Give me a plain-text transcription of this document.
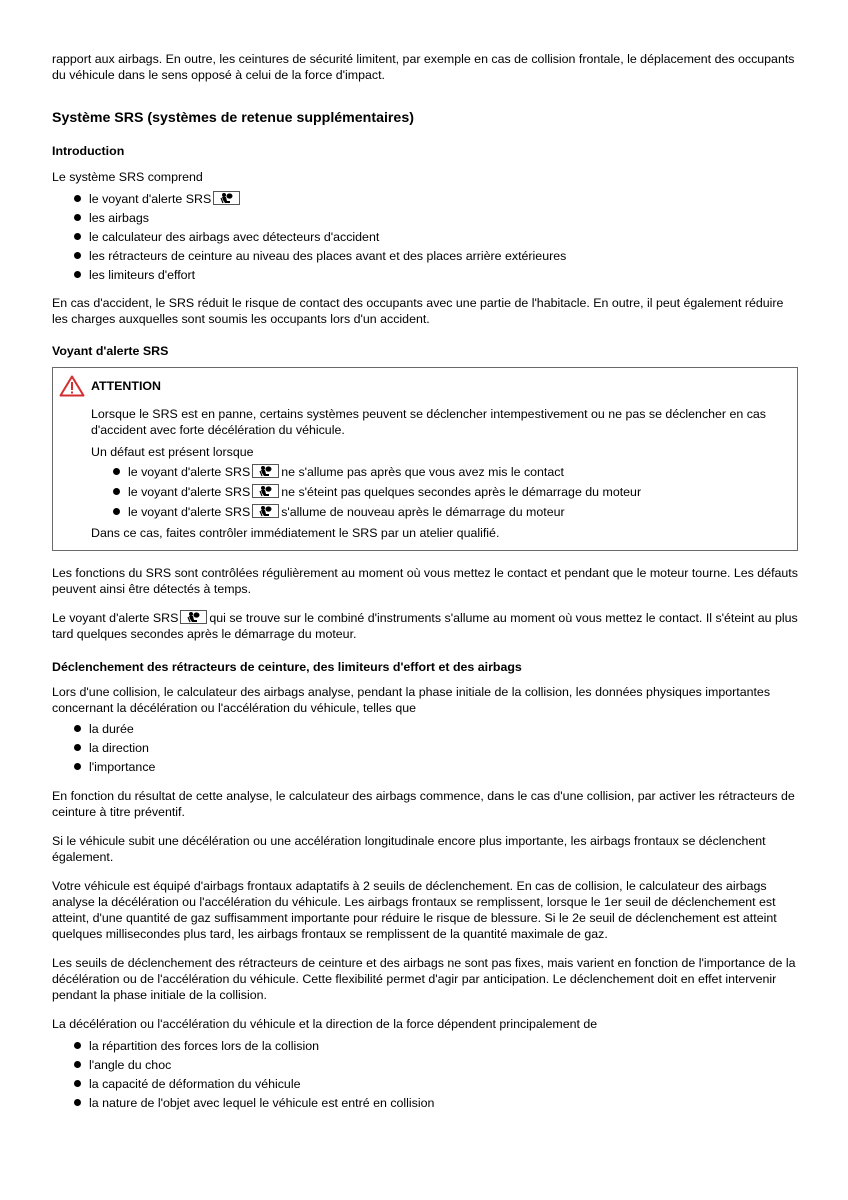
rapport aux airbags. En outre, les ceintures de sécurité limitent, par exemple en cas de collision frontale, le déplacement des occupants du véhicule dans le sens opposé à celui de la force d'impact.

Système SRS (systèmes de retenue supplémentaires)
Introduction

Le système SRS comprend

le voyant d'alerte SRS
les airbags
le calculateur des airbags avec détecteurs d'accident
les rétracteurs de ceinture au niveau des places avant et des places arrière extérieures
les limiteurs d'effort

En cas d'accident, le SRS réduit le risque de contact des occupants avec une partie de l'habitacle. En outre, il peut également réduire les charges auxquelles sont soumis les occupants lors d'un accident.

Voyant d'alerte SRS
ATTENTION

Lorsque le SRS est en panne, certains systèmes peuvent se déclencher intempestivement ou ne pas se déclencher en cas d'accident avec forte décélération du véhicule.

Un défaut est présent lorsque

le voyant d'alerte SRS	ne s'allume pas après que vous avez mis le contact
le voyant d'alerte SRS	ne s'éteint pas quelques secondes après le démarrage du moteur
le voyant d'alerte SRS	s'allume de nouveau après le démarrage du moteur

Dans ce cas, faites contrôler immédiatement le SRS par un atelier qualifié.

Les fonctions du SRS sont contrôlées régulièrement au moment où vous mettez le contact et pendant que le moteur tourne. Les défauts peuvent ainsi être détectés à temps.

Le voyant d'alerte SRS	qui se trouve sur le combiné d'instruments s'allume au moment où vous mettez le contact. Il s'éteint au plus tard quelques secondes après le démarrage du moteur.

Déclenchement des rétracteurs de ceinture, des limiteurs d'effort et des airbags

Lors d'une collision, le calculateur des airbags analyse, pendant la phase initiale de la collision, les données physiques importantes concernant la décélération ou l'accélération du véhicule, telles que

la durée
la direction
l'importance

En fonction du résultat de cette analyse, le calculateur des airbags commence, dans le cas d'une collision, par activer les rétracteurs de ceinture à titre préventif.

Si le véhicule subit une décélération ou une accélération longitudinale encore plus importante, les airbags frontaux se déclenchent également.

Votre véhicule est équipé d'airbags frontaux adaptatifs à 2 seuils de déclenchement. En cas de collision, le calculateur des airbags analyse la décélération ou l'accélération du véhicule. Les airbags frontaux se remplissent, lorsque le 1er seuil de déclenchement est atteint, d'une quantité de gaz suffisamment importante pour réduire le risque de blessure. Si le 2e seuil de déclenchement est atteint quelques millisecondes plus tard, les airbags frontaux se remplissent de la quantité maximale de gaz.

Les seuils de déclenchement des rétracteurs de ceinture et des airbags ne sont pas fixes, mais varient en fonction de l'importance de la décélération ou de l'accélération du véhicule. Cette flexibilité permet d'agir par anticipation. Le déclenchement doit en effet intervenir pendant la phase initiale de la collision.

La décélération ou l'accélération du véhicule et la direction de la force dépendent principalement de

la répartition des forces lors de la collision
l'angle du choc
la capacité de déformation du véhicule
la nature de l'objet avec lequel le véhicule est entré en collision
